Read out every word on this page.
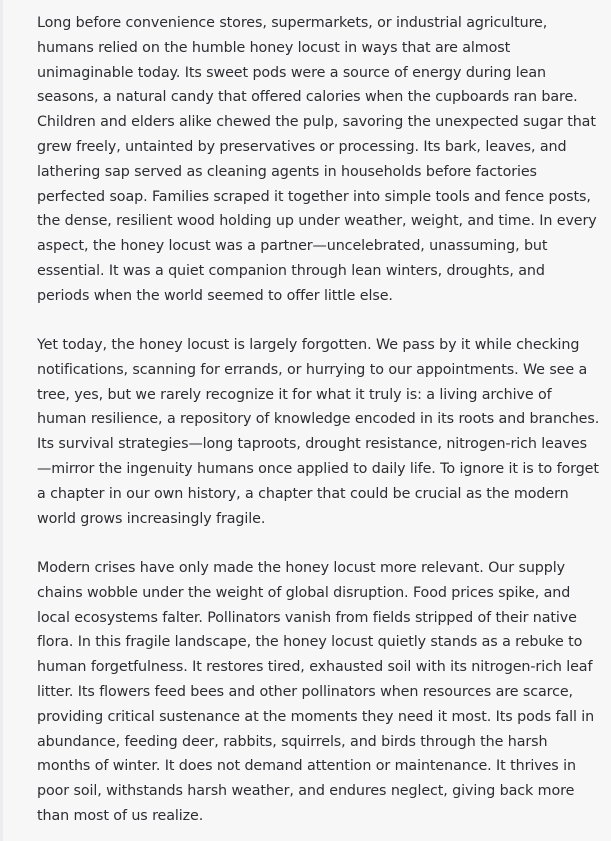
Long before convenience stores, supermarkets, or industrial agriculture, humans relied on the humble honey locust in ways that are almost unimaginable today. Its sweet pods were a source of energy during lean seasons, a natural candy that offered calories when the cupboards ran bare. Children and elders alike chewed the pulp, savoring the unexpected sugar that grew freely, untainted by preservatives or processing. Its bark, leaves, and lathering sap served as cleaning agents in households before factories perfected soap. Families scraped it together into simple tools and fence posts, the dense, resilient wood holding up under weather, weight, and time. In every aspect, the honey locust was a partner—uncelebrated, unassuming, but essential. It was a quiet companion through lean winters, droughts, and periods when the world seemed to offer little else.

Yet today, the honey locust is largely forgotten. We pass by it while checking notifications, scanning for errands, or hurrying to our appointments. We see a tree, yes, but we rarely recognize it for what it truly is: a living archive of human resilience, a repository of knowledge encoded in its roots and branches. Its survival strategies—long taproots, drought resistance, nitrogen-rich leaves—mirror the ingenuity humans once applied to daily life. To ignore it is to forget a chapter in our own history, a chapter that could be crucial as the modern world grows increasingly fragile.

Modern crises have only made the honey locust more relevant. Our supply chains wobble under the weight of global disruption. Food prices spike, and local ecosystems falter. Pollinators vanish from fields stripped of their native flora. In this fragile landscape, the honey locust quietly stands as a rebuke to human forgetfulness. It restores tired, exhausted soil with its nitrogen-rich leaf litter. Its flowers feed bees and other pollinators when resources are scarce, providing critical sustenance at the moments they need it most. Its pods fall in abundance, feeding deer, rabbits, squirrels, and birds through the harsh months of winter. It does not demand attention or maintenance. It thrives in poor soil, withstands harsh weather, and endures neglect, giving back more than most of us realize.
